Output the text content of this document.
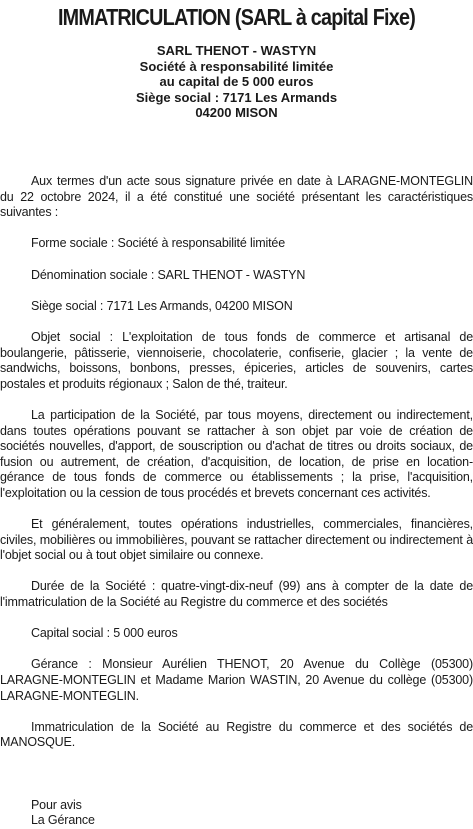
IMMATRICULATION (SARL à capital Fixe)
SARL THENOT - WASTYN
Société à responsabilité limitée
au capital de 5 000 euros
Siège social : 7171 Les Armands
04200 MISON

Aux termes d'un acte sous signature privée en date à LARAGNE-MONTEGLIN du 22 octobre 2024, il a été constitué une société présentant les caractéristiques suivantes :

Forme sociale : Société à responsabilité limitée

Dénomination sociale : SARL THENOT - WASTYN

Siège social : 7171 Les Armands, 04200 MISON

Objet social : L'exploitation de tous fonds de commerce et artisanal de boulangerie, pâtisserie, viennoiserie, chocolaterie, confiserie, glacier ; la vente de sandwichs, boissons, bonbons, presses, épiceries, articles de souvenirs, cartes postales et produits régionaux ; Salon de thé, traiteur.

La participation de la Société, par tous moyens, directement ou indirectement, dans toutes opérations pouvant se rattacher à son objet par voie de création de sociétés nouvelles, d'apport, de souscription ou d'achat de titres ou droits sociaux, de fusion ou autrement, de création, d'acquisition, de location, de prise en location-gérance de tous fonds de commerce ou établissements ; la prise, l'acquisition, l'exploitation ou la cession de tous procédés et brevets concernant ces activités.

Et généralement, toutes opérations industrielles, commerciales, financières, civiles, mobilières ou immobilières, pouvant se rattacher directement ou indirectement à l'objet social ou à tout objet similaire ou connexe.

Durée de la Société : quatre-vingt-dix-neuf (99) ans à compter de la date de l'immatriculation de la Société au Registre du commerce et des sociétés

Capital social : 5 000 euros

Gérance : Monsieur Aurélien THENOT, 20 Avenue du Collège (05300) LARAGNE-MONTEGLIN et Madame Marion WASTIN, 20 Avenue du collège (05300) LARAGNE-MONTEGLIN.

Immatriculation de la Société au Registre du commerce et des sociétés de MANOSQUE.

Pour avis

La Gérance
